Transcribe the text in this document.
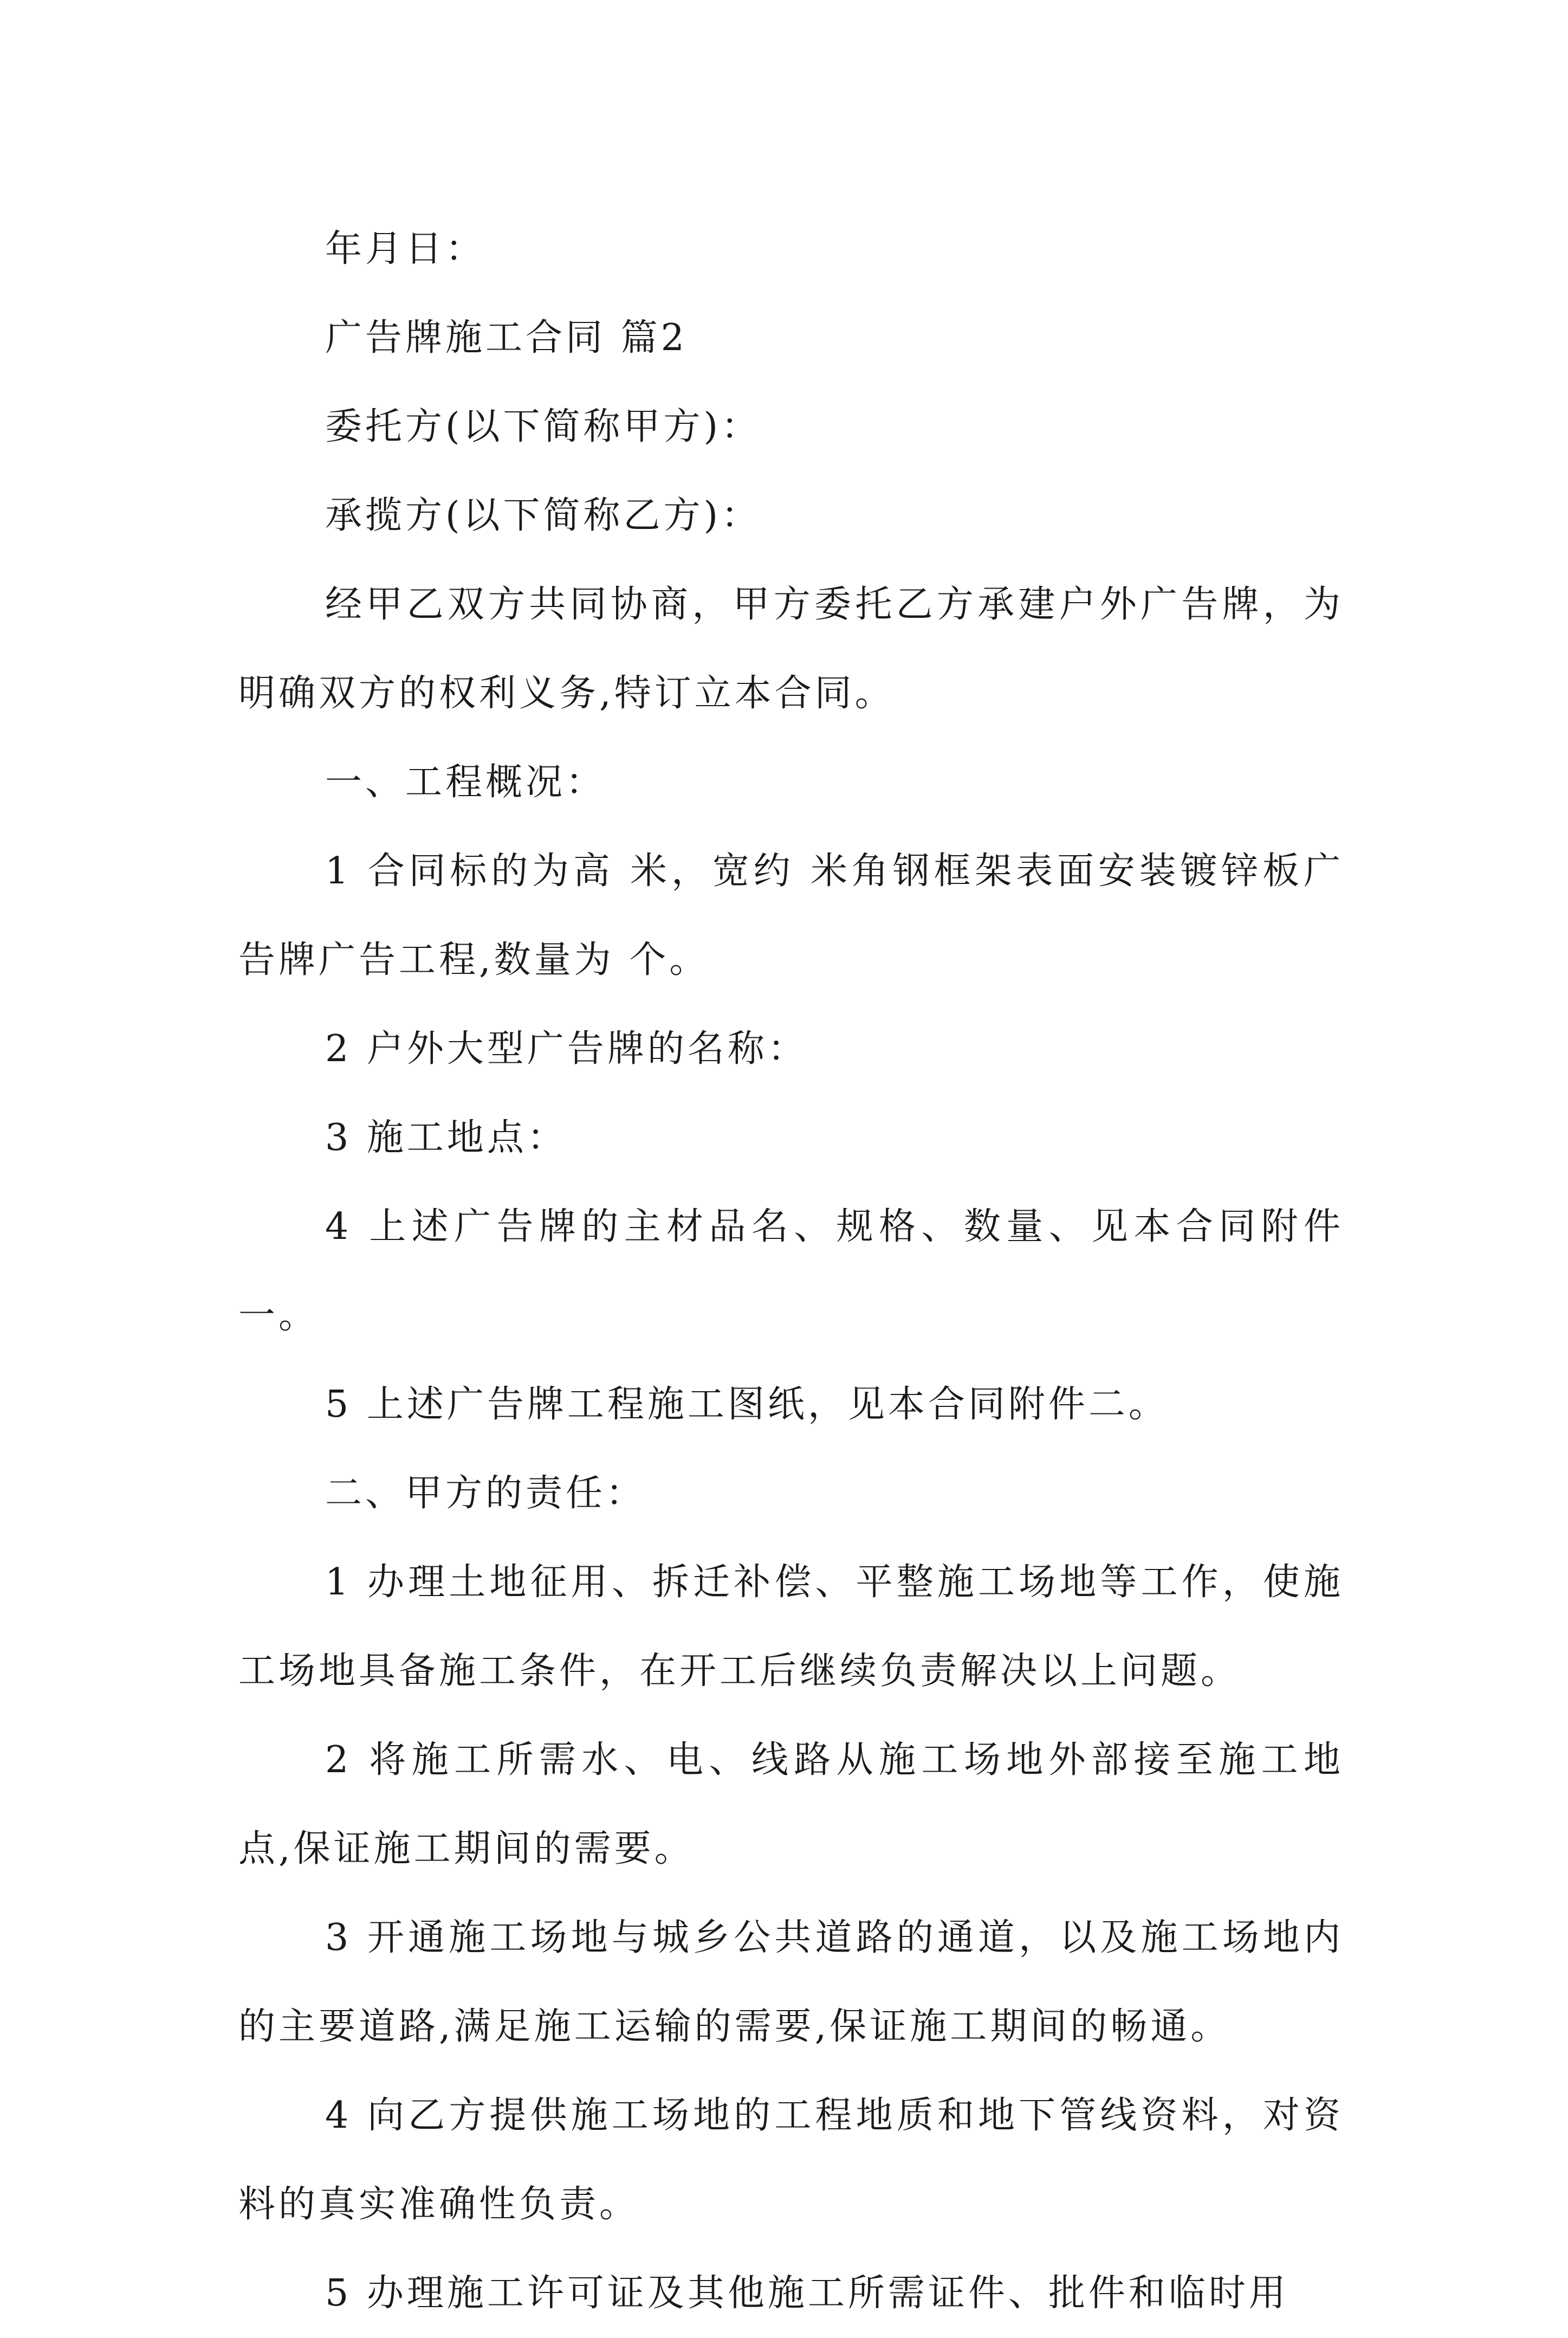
年月日：

广告牌施工合同 篇2

委托方(以下简称甲方)：

承揽方(以下简称乙方)：

经甲乙双方共同协商，甲方委托乙方承建户外广告牌，为明确双方的权利义务,特订立本合同。

一、工程概况：

1 合同标的为高 米，宽约 米角钢框架表面安装镀锌板广告牌广告工程,数量为 个。

2 户外大型广告牌的名称：

3 施工地点：

4 上述广告牌的主材品名、规格、数量、见本合同附件一。

5 上述广告牌工程施工图纸，见本合同附件二。

二、甲方的责任：

1 办理土地征用、拆迁补偿、平整施工场地等工作，使施工场地具备施工条件，在开工后继续负责解决以上问题。

2 将施工所需水、电、线路从施工场地外部接至施工地点,保证施工期间的需要。

3 开通施工场地与城乡公共道路的通道，以及施工场地内的主要道路,满足施工运输的需要,保证施工期间的畅通。

4 向乙方提供施工场地的工程地质和地下管线资料，对资料的真实准确性负责。

5 办理施工许可证及其他施工所需证件、批件和临时用
